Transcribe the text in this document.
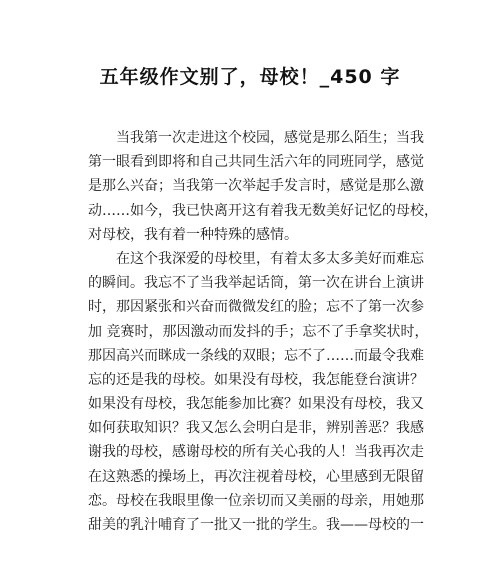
五年级作文别了，母校！_450 字
当我第一次走进这个校园，感觉是那么陌生；当我
第一眼看到即将和自己共同生活六年的同班同学，感觉
是那么兴奋；当我第一次举起手发言时，感觉是那么激
动……如今，我已快离开这有着我无数美好记忆的母校，
对母校，我有着一种特殊的感情。
在这个我深爱的母校里，有着太多太多美好而难忘
的瞬间。我忘不了当我举起话筒，第一次在讲台上演讲
时，那因紧张和兴奋而微微发红的脸；忘不了第一次参
加 竞赛时，那因激动而发抖的手；忘不了手拿奖状时，
那因高兴而眯成一条线的双眼；忘不了……而最令我难
忘的还是我的母校。如果没有母校，我怎能登台演讲？
如果没有母校，我怎能参加比赛？如果没有母校，我又
如何获取知识？我又怎么会明白是非，辨别善恶？我感
谢我的母校，感谢母校的所有关心我的人！当我再次走
在这熟悉的操场上，再次注视着母校，心里感到无限留
恋。母校在我眼里像一位亲切而又美丽的母亲，用她那
甜美的乳汁哺育了一批又一批的学生。我——母校的一
